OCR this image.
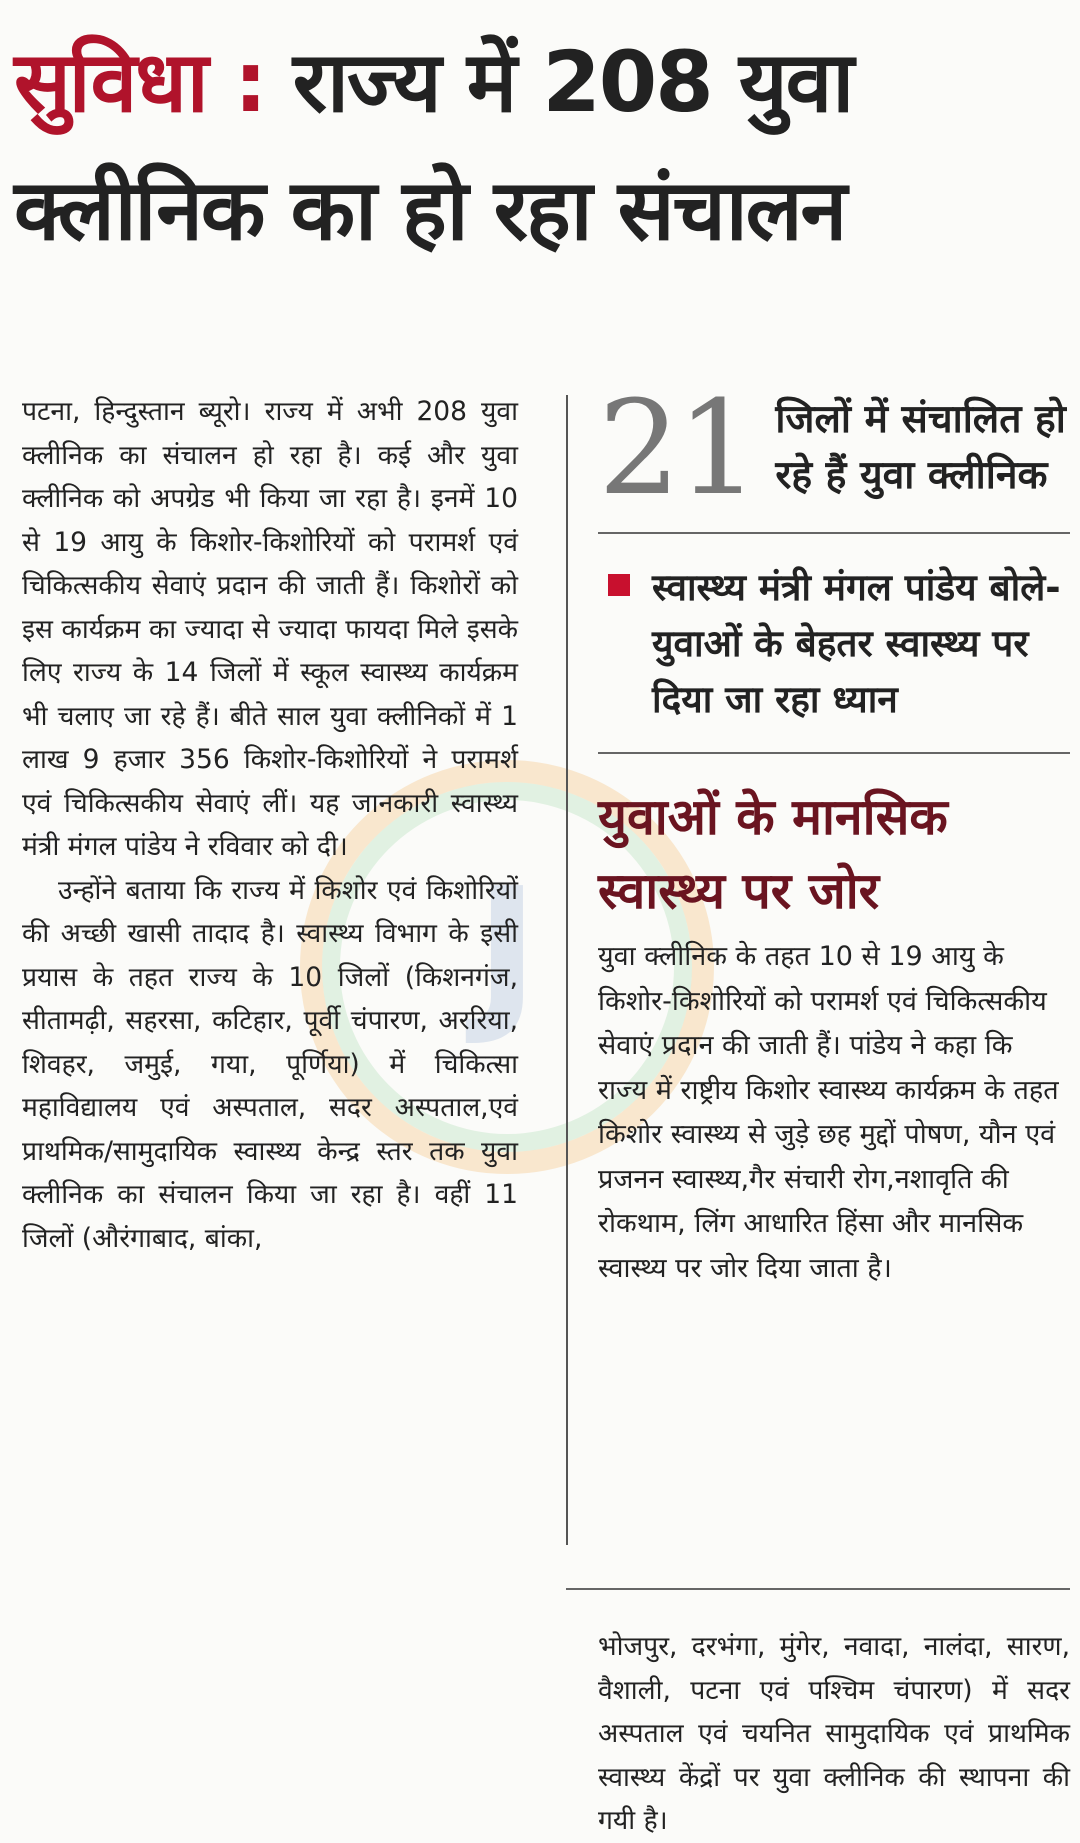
सुविधा : राज्य में 208 युवा
क्लीनिक का हो रहा संचालन
J

पटना, हिन्दुस्तान ब्यूरो। राज्य में अभी 208 युवा क्लीनिक का संचालन हो रहा है। कई और युवा क्लीनिक को अपग्रेड भी किया जा रहा है। इनमें 10 से 19 आयु के किशोर-किशोरियों को परामर्श एवं चिकित्सकीय सेवाएं प्रदान की जाती हैं। किशोरों को इस कार्यक्रम का ज्यादा से ज्यादा फायदा मिले इसके लिए राज्य के 14 जिलों में स्कूल स्वास्थ्य कार्यक्रम भी चलाए जा रहे हैं। बीते साल युवा क्लीनिकों में 1 लाख 9 हजार 356 किशोर-किशोरियों ने परामर्श एवं चिकित्सकीय सेवाएं लीं। यह जानकारी स्वास्थ्य मंत्री मंगल पांडेय ने रविवार को दी।

उन्होंने बताया कि राज्य में किशोर एवं किशोरियों की अच्छी खासी तादाद है। स्वास्थ्य विभाग के इसी प्रयास के तहत राज्य के 10 जिलों (किशनगंज, सीतामढ़ी, सहरसा, कटिहार, पूर्वी चंपारण, अररिया, शिवहर, जमुई, गया, पूर्णिया) में चिकित्सा महाविद्यालय एवं अस्पताल, सदर अस्पताल,एवं प्राथमिक/सामुदायिक स्वास्थ्य केन्द्र स्तर तक युवा क्लीनिक का संचालन किया जा रहा है। वहीं 11 जिलों (औरंगाबाद, बांका,

21 जिलों में संचालित हो रहे हैं युवा क्लीनिक
स्वास्थ्य मंत्री मंगल पांडेय बोले- युवाओं के बेहतर स्वास्थ्य पर दिया जा रहा ध्यान
युवाओं के मानसिक स्वास्थ्य पर जोर

युवा क्लीनिक के तहत 10 से 19 आयु के किशोर-किशोरियों को परामर्श एवं चिकित्सकीय सेवाएं प्रदान की जाती हैं। पांडेय ने कहा कि राज्य में राष्ट्रीय किशोर स्वास्थ्य कार्यक्रम के तहत किशोर स्वास्थ्य से जुड़े छह मुद्दों पोषण, यौन एवं प्रजनन स्वास्थ्य,गैर संचारी रोग,नशावृति की रोकथाम, लिंग आधारित हिंसा और मानसिक स्वास्थ्य पर जोर दिया जाता है।

भोजपुर, दरभंगा, मुंगेर, नवादा, नालंदा, सारण, वैशाली, पटना एवं पश्चिम चंपारण) में सदर अस्पताल एवं चयनित सामुदायिक एवं प्राथमिक स्वास्थ्य केंद्रों पर युवा क्लीनिक की स्थापना की गयी है।
